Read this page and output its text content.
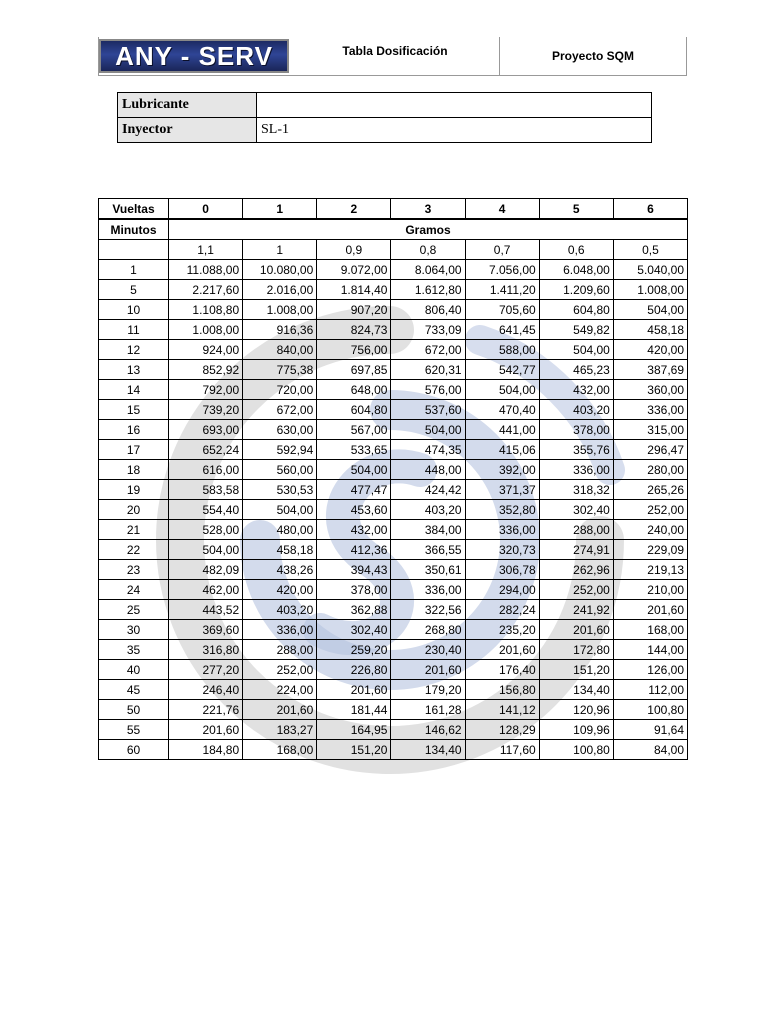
ANY - SERV	Tabla Dosificación	Proyecto SQM
Lubricante	
Inyector	SL-1
Vueltas	0	1	2	3	4	5	6
Minutos	Gramos						
	1,1	1	0,9	0,8	0,7	0,6	0,5
1	11.088,00	10.080,00	9.072,00	8.064,00	7.056,00	6.048,00	5.040,00
5	2.217,60	2.016,00	1.814,40	1.612,80	1.411,20	1.209,60	1.008,00
10	1.108,80	1.008,00	907,20	806,40	705,60	604,80	504,00
11	1.008,00	916,36	824,73	733,09	641,45	549,82	458,18
12	924,00	840,00	756,00	672,00	588,00	504,00	420,00
13	852,92	775,38	697,85	620,31	542,77	465,23	387,69
14	792,00	720,00	648,00	576,00	504,00	432,00	360,00
15	739,20	672,00	604,80	537,60	470,40	403,20	336,00
16	693,00	630,00	567,00	504,00	441,00	378,00	315,00
17	652,24	592,94	533,65	474,35	415,06	355,76	296,47
18	616,00	560,00	504,00	448,00	392,00	336,00	280,00
19	583,58	530,53	477,47	424,42	371,37	318,32	265,26
20	554,40	504,00	453,60	403,20	352,80	302,40	252,00
21	528,00	480,00	432,00	384,00	336,00	288,00	240,00
22	504,00	458,18	412,36	366,55	320,73	274,91	229,09
23	482,09	438,26	394,43	350,61	306,78	262,96	219,13
24	462,00	420,00	378,00	336,00	294,00	252,00	210,00
25	443,52	403,20	362,88	322,56	282,24	241,92	201,60
30	369,60	336,00	302,40	268,80	235,20	201,60	168,00
35	316,80	288,00	259,20	230,40	201,60	172,80	144,00
40	277,20	252,00	226,80	201,60	176,40	151,20	126,00
45	246,40	224,00	201,60	179,20	156,80	134,40	112,00
50	221,76	201,60	181,44	161,28	141,12	120,96	100,80
55	201,60	183,27	164,95	146,62	128,29	109,96	91,64
60	184,80	168,00	151,20	134,40	117,60	100,80	84,00
